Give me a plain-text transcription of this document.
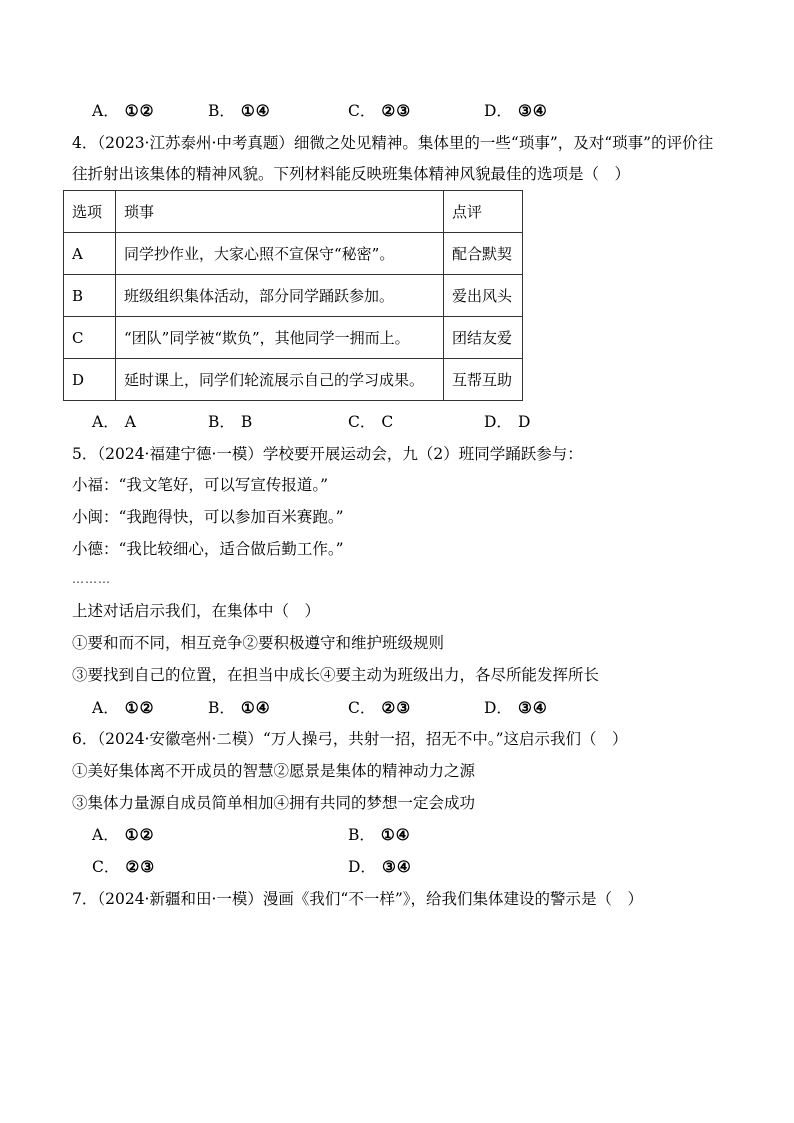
A． ①②	B． ①④	C． ②③	D． ③④
4．（2023·江苏泰州·中考真题）细微之处见精神。集体里的一些“琐事”，及对“琐事”的评价往
往折射出该集体的精神风貌。下列材料能反映班集体精神风貌最佳的选项是（　）
选项	琐事	点评
A	同学抄作业，大家心照不宣保守“秘密”。	配合默契
B	班级组织集体活动，部分同学踊跃参加。	爱出风头
C	“团队”同学被“欺负”，其他同学一拥而上。	团结友爱
D	延时课上，同学们轮流展示自己的学习成果。	互帮互助
A． A	B． B	C． C	D． D
5．（2024·福建宁德·一模）学校要开展运动会，九（2）班同学踊跃参与：
小福：“我文笔好，可以写宣传报道。”
小闽：“我跑得快，可以参加百米赛跑。”
小德：“我比较细心，适合做后勤工作。”
………
上述对话启示我们，在集体中（　）
①要和而不同，相互竞争②要积极遵守和维护班级规则
③要找到自己的位置，在担当中成长④要主动为班级出力，各尽所能发挥所长
A． ①②	B． ①④	C． ②③	D． ③④
6．（2024·安徽亳州·二模）“万人操弓，共射一招，招无不中。”这启示我们（　）
①美好集体离不开成员的智慧②愿景是集体的精神动力之源
③集体力量源自成员简单相加④拥有共同的梦想一定会成功
A． ①②	B． ①④
C． ②③	D． ③④
7．（2024·新疆和田·一模）漫画《我们“不一样”》，给我们集体建设的警示是（　）
